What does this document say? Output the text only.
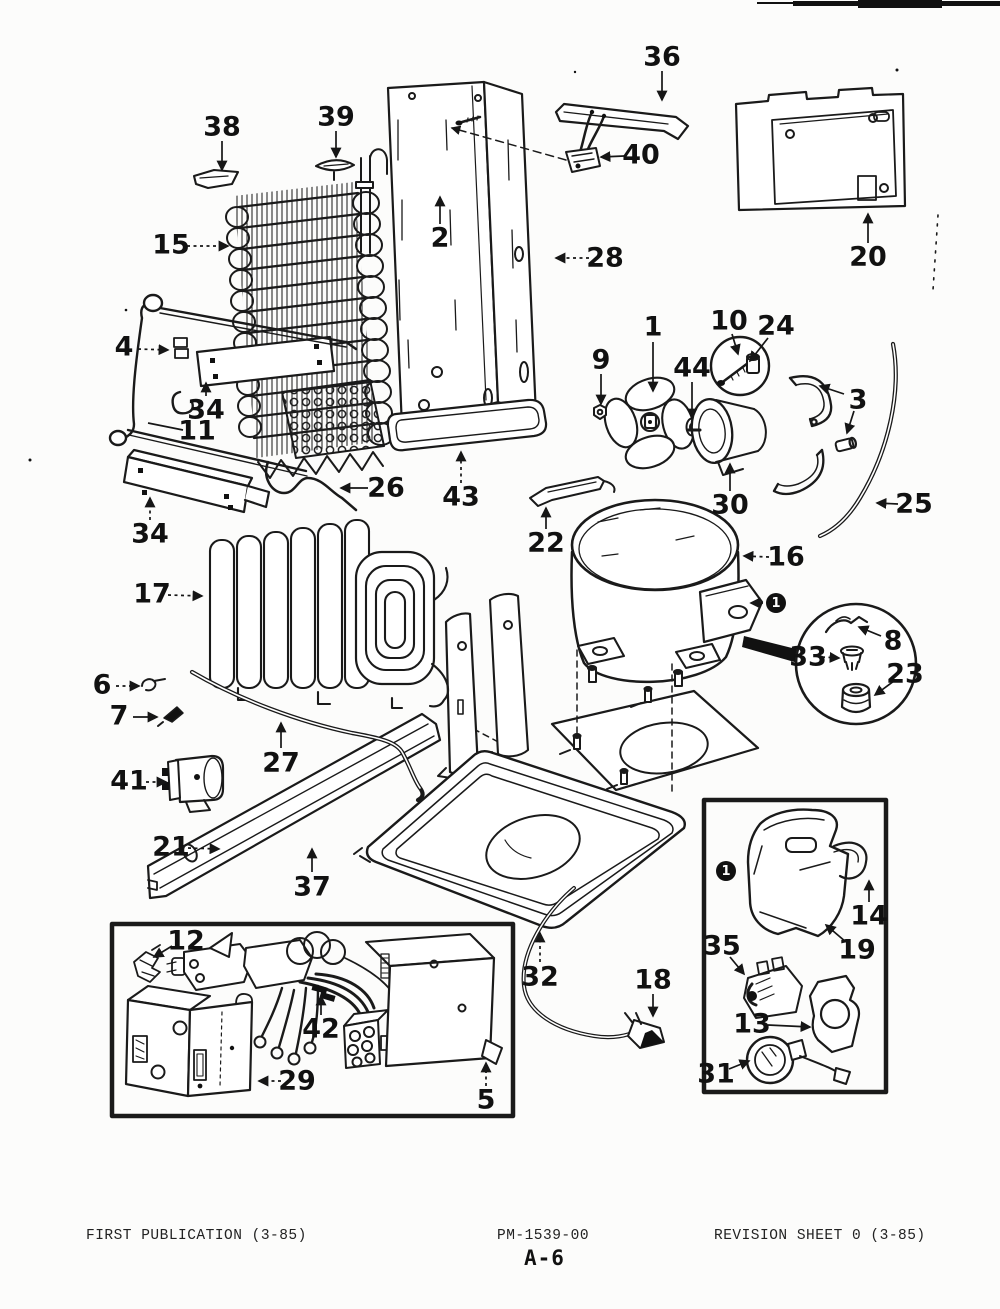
38	39
15
36
40
2
28	20
4
34
11
34
26 43
17
6
7
41
27
21
37
1
9 44
10 24
30
3
25
16
22
8
33
23
32	18
12
42
29
5
14
19
35
13
31
1
1
FIRST PUBLICATION (3-85)	PM-1539-00	REVISION SHEET 0 (3-85)
A-6
